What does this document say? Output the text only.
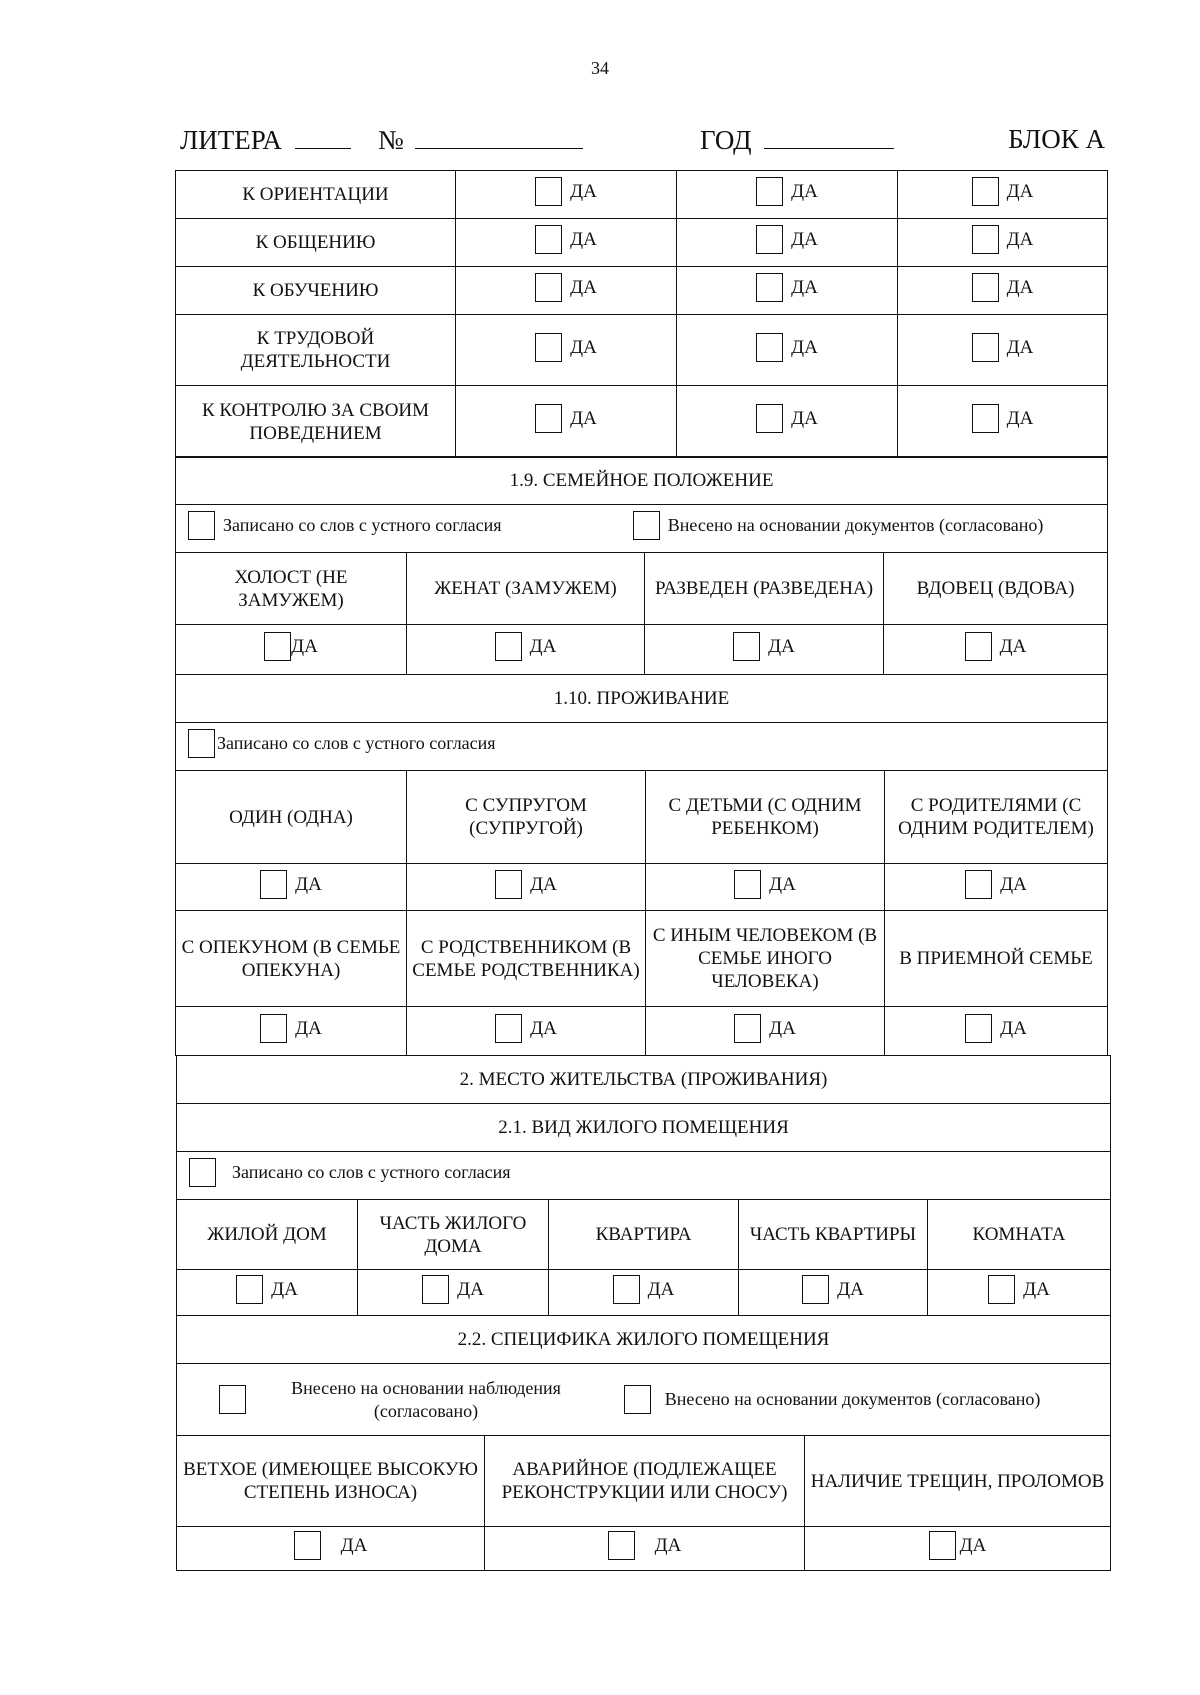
34
ЛИТЕРА	№	ГОД	БЛОК А
К ОРИЕНТАЦИИ	ДА	ДА	ДА

К ОБЩЕНИЮ	ДА	ДА	ДА

К ОБУЧЕНИЮ	ДА	ДА	ДА

К ТРУДОВОЙ ДЕЯТЕЛЬНОСТИ	ДА	ДА	ДА

К КОНТРОЛЮ ЗА СВОИМ ПОВЕДЕНИЕМ	ДА	ДА	ДА
1.9. СЕМЕЙНОЕ ПОЛОЖЕНИЕ			

Записано со слов с устного согласия
Внесено на основании документов (согласовано)			

ХОЛОСТ (НЕ ЗАМУЖЕМ)	ЖЕНАТ (ЗАМУЖЕМ)	РАЗВЕДЕН (РАЗВЕДЕНА)	ВДОВЕЦ (ВДОВА)

ДА	ДА	ДА	ДА
1.10. ПРОЖИВАНИЕ			

Записано со слов с устного согласия			

ОДИН (ОДНА)	С СУПРУГОМ (СУПРУГОЙ)	С ДЕТЬМИ (С ОДНИМ РЕБЕНКОМ)	С РОДИТЕЛЯМИ (С ОДНИМ РОДИТЕЛЕМ)

ДА	ДА	ДА	ДА

С ОПЕКУНОМ (В СЕМЬЕ ОПЕКУНА)	С РОДСТВЕННИКОМ (В СЕМЬЕ РОДСТВЕННИКА)	С ИНЫМ ЧЕЛОВЕКОМ (В СЕМЬЕ ИНОГО ЧЕЛОВЕКА)	В ПРИЕМНОЙ СЕМЬЕ

ДА	ДА	ДА	ДА
2. МЕСТО ЖИТЕЛЬСТВА (ПРОЖИВАНИЯ)				
2.1. ВИД ЖИЛОГО ПОМЕЩЕНИЯ				

Записано со слов с устного согласия				

ЖИЛОЙ ДОМ	ЧАСТЬ ЖИЛОГО ДОМА	КВАРТИРА	ЧАСТЬ КВАРТИРЫ	КОМНАТА

ДА	ДА	ДА	ДА	ДА
2.2. СПЕЦИФИКА ЖИЛОГО ПОМЕЩЕНИЯ		

Внесено на основании наблюдения (согласовано)

Внесено на основании документов (согласовано)		

ВЕТХОЕ (ИМЕЮЩЕЕ ВЫСОКУЮ СТЕПЕНЬ ИЗНОСА)	АВАРИЙНОЕ (ПОДЛЕЖАЩЕЕ РЕКОНСТРУКЦИИ ИЛИ СНОСУ)	НАЛИЧИЕ ТРЕЩИН, ПРОЛОМОВ

ДА	ДА	ДА
